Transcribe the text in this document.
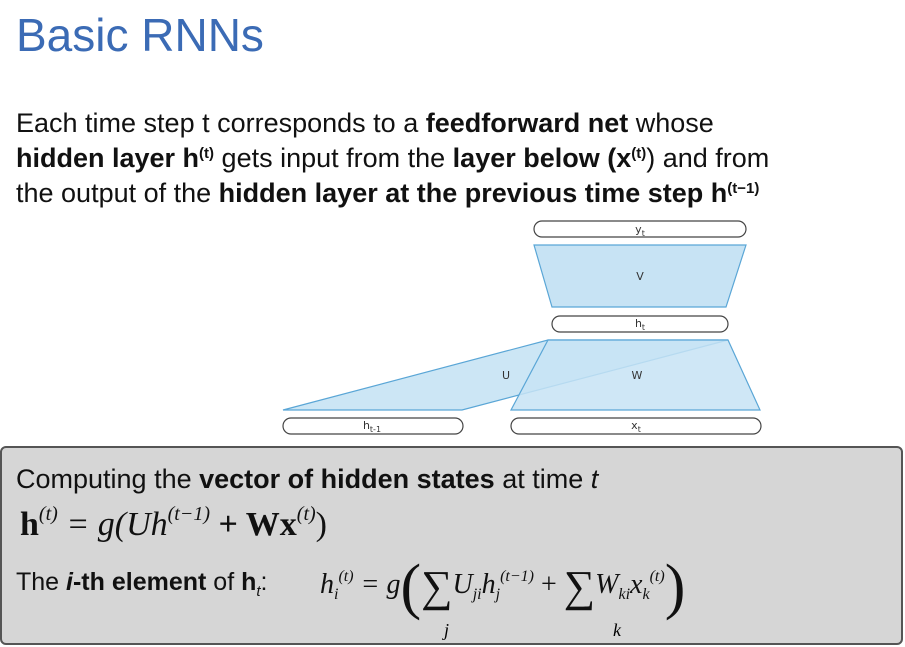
Basic RNNs
Each time step t corresponds to a feedforward net whose
hidden layer $h^{(t)}$ gets input from the layer below $(x^{(t)})$ and from
the output of the hidden layer at the previous time step $h^{(t-1)}$
$y_t$
V
$h_t$
U	W
$h_{t-1}$	$x_t$
Computing the vector of hidden states at time t
$h^{(t)} = g(Uh^{(t-1)} + Wx^{(t)})$
The i-th element of $h_t$: $h_i^{(t)} = g(\sum U_{ji}h_j^{(t-1)} + \sum W_{ki}x_k^{(t)})$
j	k
